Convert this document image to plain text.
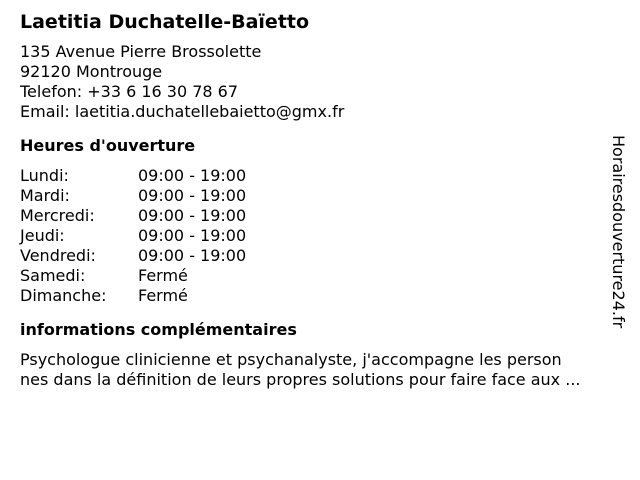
Laetitia Duchatelle-Baïetto
135 Avenue Pierre Brossolette
92120 Montrouge
Telefon: +33 6 16 30 78 67
Email: laetitia.duchatellebaietto@gmx.fr
Heures d'ouverture
Lundi:	09:00 - 19:00
Mardi:	09:00 - 19:00
Mercredi:	09:00 - 19:00
Jeudi:	09:00 - 19:00
Vendredi:	09:00 - 19:00
Samedi:	Fermé
Dimanche:	Fermé
informations complémentaires
Psychologue clinicienne et psychanalyste, j'accompagne les person
nes dans la définition de leurs propres solutions pour faire face aux ...
Horairesdouverture24.fr
